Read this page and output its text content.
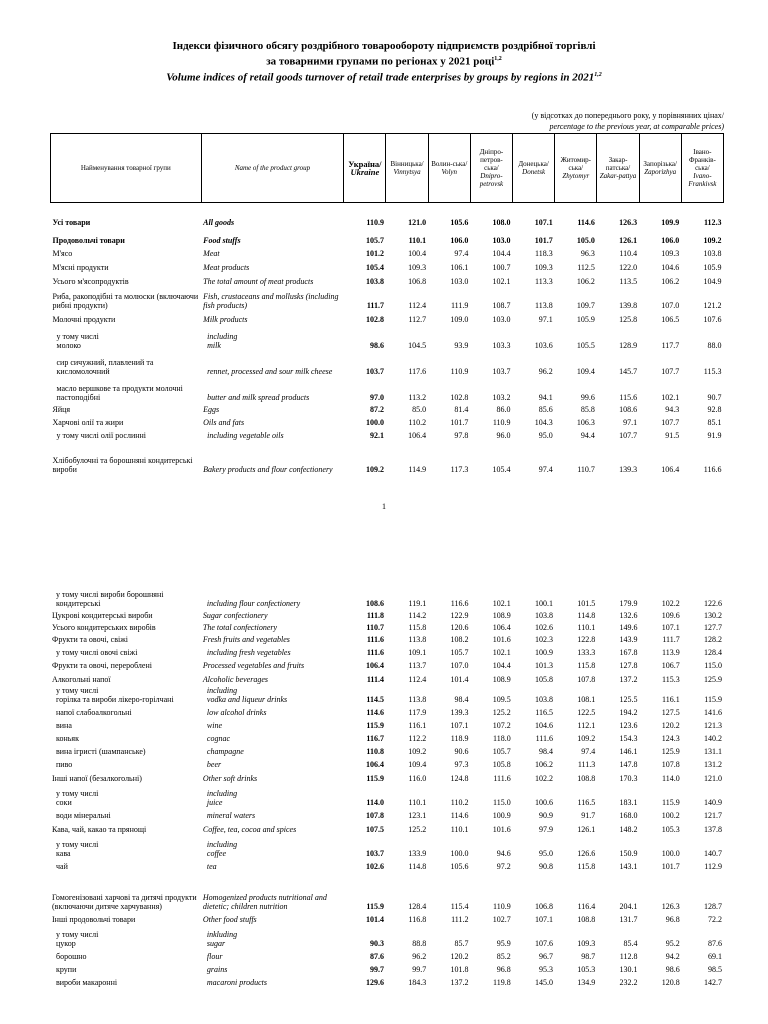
Індекси фізичного обсягу роздрібного товарообороту підприємств роздрібної торгівлі
за товарними групами по регіонах у 2021 році$^{1,2}$
Volume indices of retail goods turnover of retail trade enterprises by groups by regions in 2021$^{1,2}$
(у відсотках до попереднього року, у порівнянних цінах/
percentage to the previous year, at comparable prices)
Найменування товарної групи	Name of the product group	Україна/
Ukraine	Вінницька/
Vinnytsya	Волин-ська/
Volyn	Дніпро-петров-ська/
Dnipro-petrovsk	Донецька/
Donetsk	Житомир-ська/
Zhytomyr	Закар-патська/
Zakar-pattya	Запорізька/
Zaporizhya	Івано-Франків-ська/
Ivano-Frankivsk

Усі товари	All goods	110.9	121.0	105.6	108.0	107.1	114.6	126.3	109.9	112.3

Продовольчі товари	Food stuffs	105.7	110.1	106.0	103.0	101.7	105.0	126.1	106.0	109.2

М'ясо	Meat	101.2	100.4	97.4	104.4	118.3	96.3	110.4	109.3	103.8

М'ясні продукти	Meat products	105.4	109.3	106.1	100.7	109.3	112.5	122.0	104.6	105.9

Усього м'ясопродуктів	The total amount of meat products	103.8	106.8	103.0	102.1	113.3	106.2	113.5	106.2	104.9

Риба, ракоподібні та молюски (включаючи рибні продукти)	Fish, crustaceans and mollusks (including fish products)	111.7	112.4	111.9	108.7	113.8	109.7	139.8	107.0	121.2

Молочні продукти	Milk products	102.8	112.7	109.0	103.0	97.1	105.9	125.8	106.5	107.6

у тому числі
молоко	including
milk	98.6	104.5	93.9	103.3	103.6	105.5	128.9	117.7	88.0

сир сичужний, плавлений та кисломолочний	rennet, processed and sour milk cheese	103.7	117.6	110.9	103.7	96.2	109.4	145.7	107.7	115.3

масло вершкове та продукти молочні пастоподібні	butter and milk spread products	97.0	113.2	102.8	103.2	94.1	99.6	115.6	102.1	90.7

Яйця	Eggs	87.2	85.0	81.4	86.0	85.6	85.8	108.6	94.3	92.8

Харчові олії та жири	Oils and fats	100.0	110.2	101.7	110.9	104.3	106.3	97.1	107.7	85.1

у тому числі олії рослинні	including vegetable oils	92.1	106.4	97.8	96.0	95.0	94.4	107.7	91.5	91.9

Хлібобулочні та борошняні кондитерські вироби	Bakery products and flour confectionery	109.2	114.9	117.3	105.4	97.4	110.7	139.3	106.4	116.6
1
у тому числі вироби борошняні кондитерські	including flour confectionery	108.6	119.1	116.6	102.1	100.1	101.5	179.9	102.2	122.6

Цукрові кондитерські вироби	Sugar confectionery	111.8	114.2	122.9	108.9	103.8	114.8	132.6	109.6	130.2

Усього кондитерських виробів	The total confectionery	110.7	115.8	120.6	106.4	102.6	110.1	149.6	107.1	127.7

Фрукти та овочі, свіжі	Fresh fruits and vegetables	111.6	113.8	108.2	101.6	102.3	122.8	143.9	111.7	128.2

у тому числі овочі свіжі	including fresh vegetables	111.6	109.1	105.7	102.1	100.9	133.3	167.8	113.9	128.4

Фрукти та овочі, перероблені	Processed vegetables and fruits	106.4	113.7	107.0	104.4	101.3	115.8	127.8	106.7	115.0

Алкогольні напої	Alcoholic beverages	111.4	112.4	101.4	108.9	105.8	107.8	137.2	115.3	125.9

у тому числі
горілка та вироби лікеро-горілчані	including
vodka and liqueur drinks	114.5	113.8	98.4	109.5	103.8	108.1	125.5	116.1	115.9

напої слабоалкогольні	low alcohol drinks	114.6	117.9	139.3	125.2	116.5	122.5	194.2	127.5	141.6

вина	wine	115.9	116.1	107.1	107.2	104.6	112.1	123.6	120.2	121.3

коньяк	cognac	116.7	112.2	118.9	118.0	111.6	109.2	154.3	124.3	140.2

вина ігристі (шампанське)	champagne	110.8	109.2	90.6	105.7	98.4	97.4	146.1	125.9	131.1

пиво	beer	106.4	109.4	97.3	105.8	106.2	111.3	147.8	107.8	131.2

Інші напої (безалкогольні)	Other soft drinks	115.9	116.0	124.8	111.6	102.2	108.8	170.3	114.0	121.0

у тому числі
соки	including
juice	114.0	110.1	110.2	115.0	100.6	116.5	183.1	115.9	140.9

води мінеральні	mineral waters	107.8	123.1	114.6	100.9	90.9	91.7	168.0	100.2	121.7

Кава, чай, какао та прянощі	Coffee, tea, cocoa and spices	107.5	125.2	110.1	101.6	97.9	126.1	148.2	105.3	137.8

у тому числі
кава	including
coffee	103.7	133.9	100.0	94.6	95.0	126.6	150.9	100.0	140.7

чай	tea	102.6	114.8	105.6	97.2	90.8	115.8	143.1	101.7	112.9

Гомогенізовані харчові та дитячі продукти (включаючи дитяче харчування)	Homogenized products nutritional and dietetic; children nutrition	115.9	128.4	115.4	110.9	106.8	116.4	204.1	126.3	128.7

Інші продовольчі товари	Other food stuffs	101.4	116.8	111.2	102.7	107.1	108.8	131.7	96.8	72.2

у тому числі
цукор	inkluding
sugar	90.3	88.8	85.7	95.9	107.6	109.3	85.4	95.2	87.6

борошно	flour	87.6	96.2	120.2	85.2	96.7	98.7	112.8	94.2	69.1

крупи	grains	99.7	99.7	101.8	96.8	95.3	105.3	130.1	98.6	98.5

вироби макаронні	macaroni products	129.6	184.3	137.2	119.8	145.0	134.9	232.2	120.8	142.7
